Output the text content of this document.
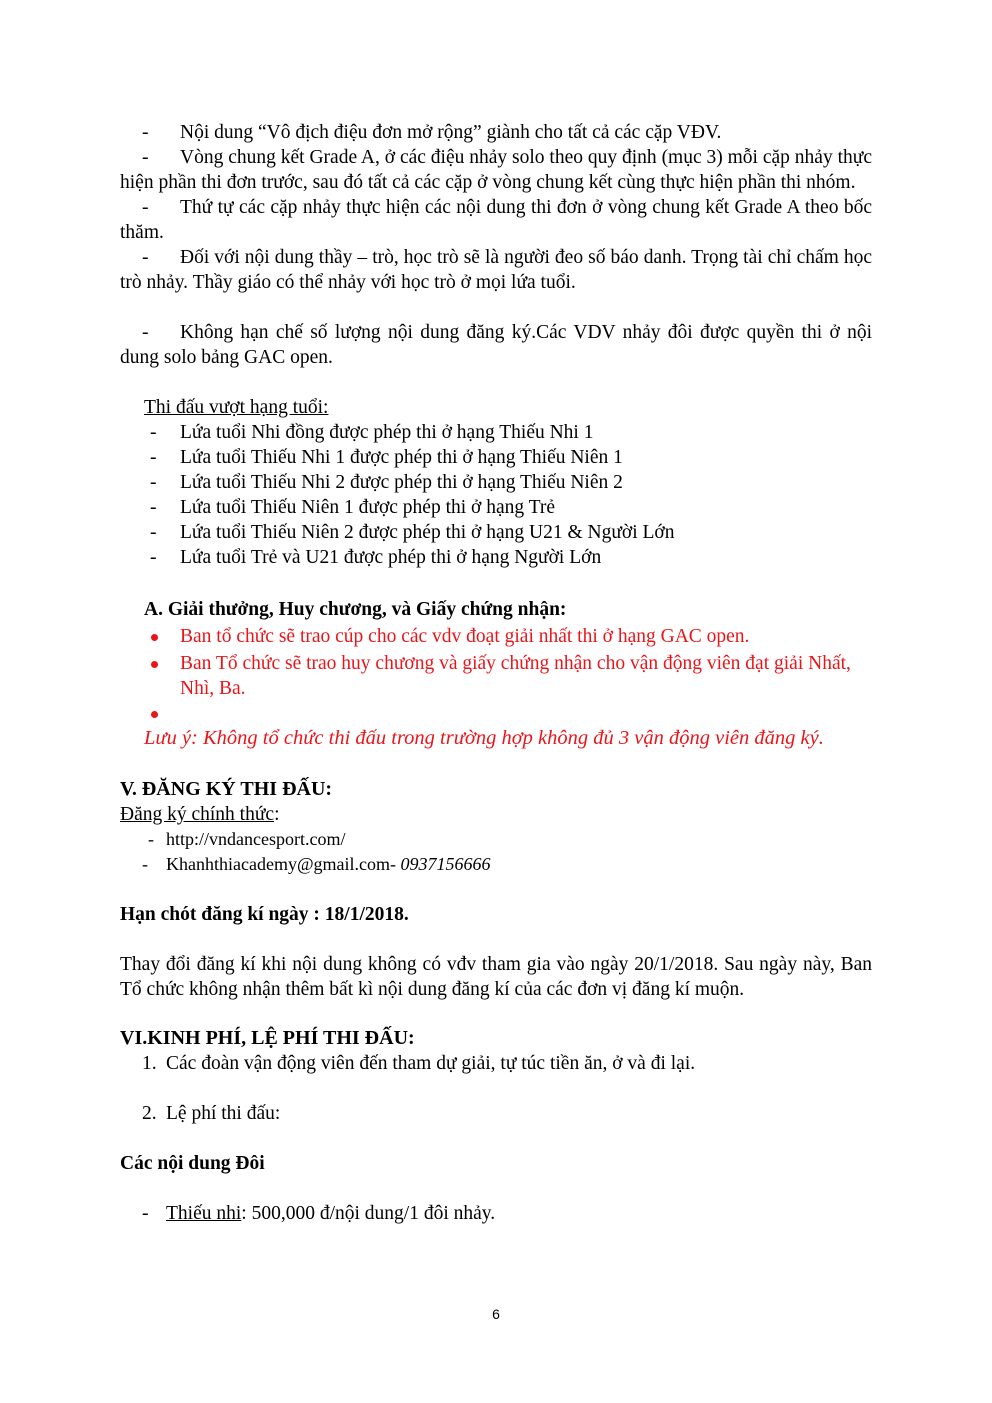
- Nội dung “Vô địch điệu đơn mở rộng” giành cho tất cả các cặp VĐV.
- Vòng chung kết Grade A, ở các điệu nhảy solo theo quy định (mục 3) mỗi cặp nhảy thực hiện phần thi đơn trước, sau đó tất cả các cặp ở vòng chung kết cùng thực hiện phần thi nhóm.
- Thứ tự các cặp nhảy thực hiện các nội dung thi đơn ở vòng chung kết Grade A theo bốc thăm.
- Đối với nội dung thầy – trò, học trò sẽ là người đeo số báo danh. Trọng tài chỉ chấm học trò nhảy. Thầy giáo có thể nhảy với học trò ở mọi lứa tuổi.
- Không hạn chế số lượng nội dung đăng ký.Các VDV nhảy đôi được quyền thi ở nội dung solo bảng GAC open.
Thi đấu vượt hạng tuổi:
-	Lứa tuổi Nhi đồng được phép thi ở hạng Thiếu Nhi 1
-	Lứa tuổi Thiếu Nhi 1 được phép thi ở hạng Thiếu Niên 1
-	Lứa tuổi Thiếu Nhi 2 được phép thi ở hạng Thiếu Niên 2
-	Lứa tuổi Thiếu Niên 1 được phép thi ở hạng Trẻ
-	Lứa tuổi Thiếu Niên 2 được phép thi ở hạng U21 & Người Lớn
-	Lứa tuổi Trẻ và U21 được phép thi ở hạng Người Lớn
A. Giải thưởng, Huy chương, và Giấy chứng nhận:
Ban tổ chức sẽ trao cúp cho các vdv đoạt giải nhất thi ở hạng GAC open.
Ban Tổ chức sẽ trao huy chương và giấy chứng nhận cho vận động viên đạt giải Nhất, Nhì, Ba.
Lưu ý: Không tổ chức thi đấu trong trường hợp không đủ 3 vận động viên đăng ký.
V. ĐĂNG KÝ THI ĐẤU:
Đăng ký chính thức:
- http://vndancesport.com/
-	Khanhthiacademy@gmail.com- 0937156666
Hạn chót đăng kí ngày : 18/1/2018.
Thay đổi đăng kí khi nội dung không có vđv tham gia vào ngày 20/1/2018. Sau ngày này, Ban Tổ chức không nhận thêm bất kì nội dung đăng kí của các đơn vị đăng kí muộn.
VI.KINH PHÍ, LỆ PHÍ THI ĐẤU:
1. Các đoàn vận động viên đến tham dự giải, tự túc tiền ăn, ở và đi lại.
2. Lệ phí thi đấu:
Các nội dung Đôi
- Thiếu nhi: 500,000 đ/nội dung/1 đôi nhảy.
6
